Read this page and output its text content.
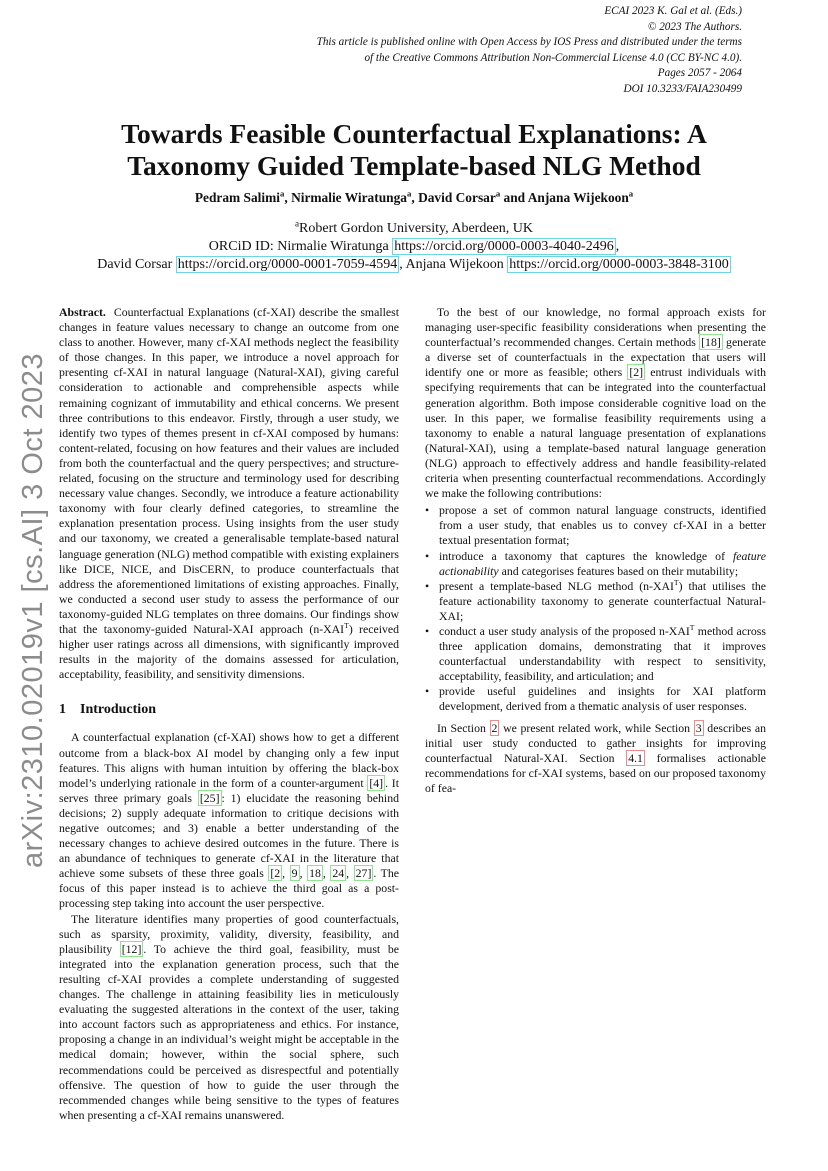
ECAI 2023 K. Gal et al. (Eds.)
© 2023 The Authors.
This article is published online with Open Access by IOS Press and distributed under the terms
of the Creative Commons Attribution Non-Commercial License 4.0 (CC BY-NC 4.0).
Pages 2057 - 2064
DOI 10.3233/FAIA230499
Towards Feasible Counterfactual Explanations: A
Taxonomy Guided Template-based NLG Method
Pedram Salimi$^a$, Nirmalie Wiratunga$^a$, David Corsar$^a$ and Anjana Wijekoon$^a$
$^a$Robert Gordon University, Aberdeen, UK
ORCiD ID: Nirmalie Wiratunga https://orcid.org/0000-0003-4040-2496 ,
David Corsar https://orcid.org/0000-0001-7059-4594 , Anjana Wijekoon https://orcid.org/0000-0003-3848-3100
arXiv:2310.02019v1 [cs.AI] 3 Oct 2023

Abstract. Counterfactual Explanations (cf-XAI) describe the smallest changes in feature values necessary to change an outcome from one class to another. However, many cf-XAI methods neglect the feasibility of those changes. In this paper, we introduce a novel approach for presenting cf-XAI in natural language (Natural-XAI), giving careful consideration to actionable and comprehensible aspects while remaining cognizant of immutability and ethical concerns. We present three contributions to this endeavor. Firstly, through a user study, we identify two types of themes present in cf-XAI composed by humans: content-related, focusing on how features and their values are included from both the counterfactual and the query perspectives; and structure-related, focusing on the structure and terminology used for describing necessary value changes. Secondly, we introduce a feature actionability taxonomy with four clearly defined categories, to streamline the explanation presentation process. Using insights from the user study and our taxonomy, we created a generalisable template-based natural language generation (NLG) method compatible with existing explainers like DICE, NICE, and DisCERN, to produce counterfactuals that address the aforementioned limitations of existing approaches. Finally, we conducted a second user study to assess the performance of our taxonomy-guided NLG templates on three domains. Our findings show that the taxonomy-guided Natural-XAI approach $(n-XAI^T)$ received higher user ratings across all dimensions, with significantly improved results in the majority of the domains assessed for articulation, acceptability, feasibility, and sensitivity dimensions.

1 Introduction

A counterfactual explanation (cf-XAI) shows how to get a different outcome from a black-box AI model by changing only a few input features. This aligns with human intuition by offering the black-box model’s underlying rationale in the form of a counter-argument [4] . It serves three primary goals [25] : 1) elucidate the reasoning behind decisions; 2) supply adequate information to critique decisions with negative outcomes; and 3) enable a better understanding of the necessary changes to achieve desired outcomes in the future. There is an abundance of techniques to generate cf-XAI in the literature that achieve some subsets of these three goals [2 , 9 , 18 , 24 , 27] . The focus of this paper instead is to achieve the third goal as a post-processing step taking into account the user perspective.

The literature identifies many properties of good counterfactuals, such as sparsity, proximity, validity, diversity, feasibility, and plausibility [12] . To achieve the third goal, feasibility, must be integrated into the explanation generation process, such that the resulting cf-XAI provides a complete understanding of suggested changes. The challenge in attaining feasibility lies in meticulously evaluating the suggested alterations in the context of the user, taking into account factors such as appropriateness and ethics. For instance, proposing a change in an individual’s weight might be acceptable in the medical domain; however, within the social sphere, such recommendations could be perceived as disrespectful and potentially offensive. The question of how to guide the user through the recommended changes while being sensitive to the types of features when presenting a cf-XAI remains unanswered.

To the best of our knowledge, no formal approach exists for managing user-specific feasibility considerations when presenting the counterfactual’s recommended changes. Certain methods [18] generate a diverse set of counterfactuals in the expectation that users will identify one or more as feasible; others [2] entrust individuals with specifying requirements that can be integrated into the counterfactual generation algorithm. Both impose considerable cognitive load on the user. In this paper, we formalise feasibility requirements using a taxonomy to enable a natural language presentation of explanations (Natural-XAI), using a template-based natural language generation (NLG) approach to effectively address and handle feasibility-related criteria when presenting counterfactual recommendations. Accordingly we make the following contributions:

• propose a set of common natural language constructs, identified from a user study, that enables us to convey cf-XAI in a better textual presentation format;
• introduce a taxonomy that captures the knowledge of feature actionability and categorises features based on their mutability;
• present a template-based NLG method $(n-XAI^T)$ that utilises the feature actionability taxonomy to generate counterfactual Natural-XAI;
• conduct a user study analysis of the proposed $n-XAI^T$ method across three application domains, demonstrating that it improves counterfactual understandability with respect to sensitivity, acceptability, feasibility, and articulation; and
• provide useful guidelines and insights for XAI platform development, derived from a thematic analysis of user responses.

In Section 2 we present related work, while Section 3 describes an initial user study conducted to gather insights for improving counterfactual Natural-XAI. Section 4.1 formalises actionable recommendations for cf-XAI systems, based on our proposed taxonomy of fea-
